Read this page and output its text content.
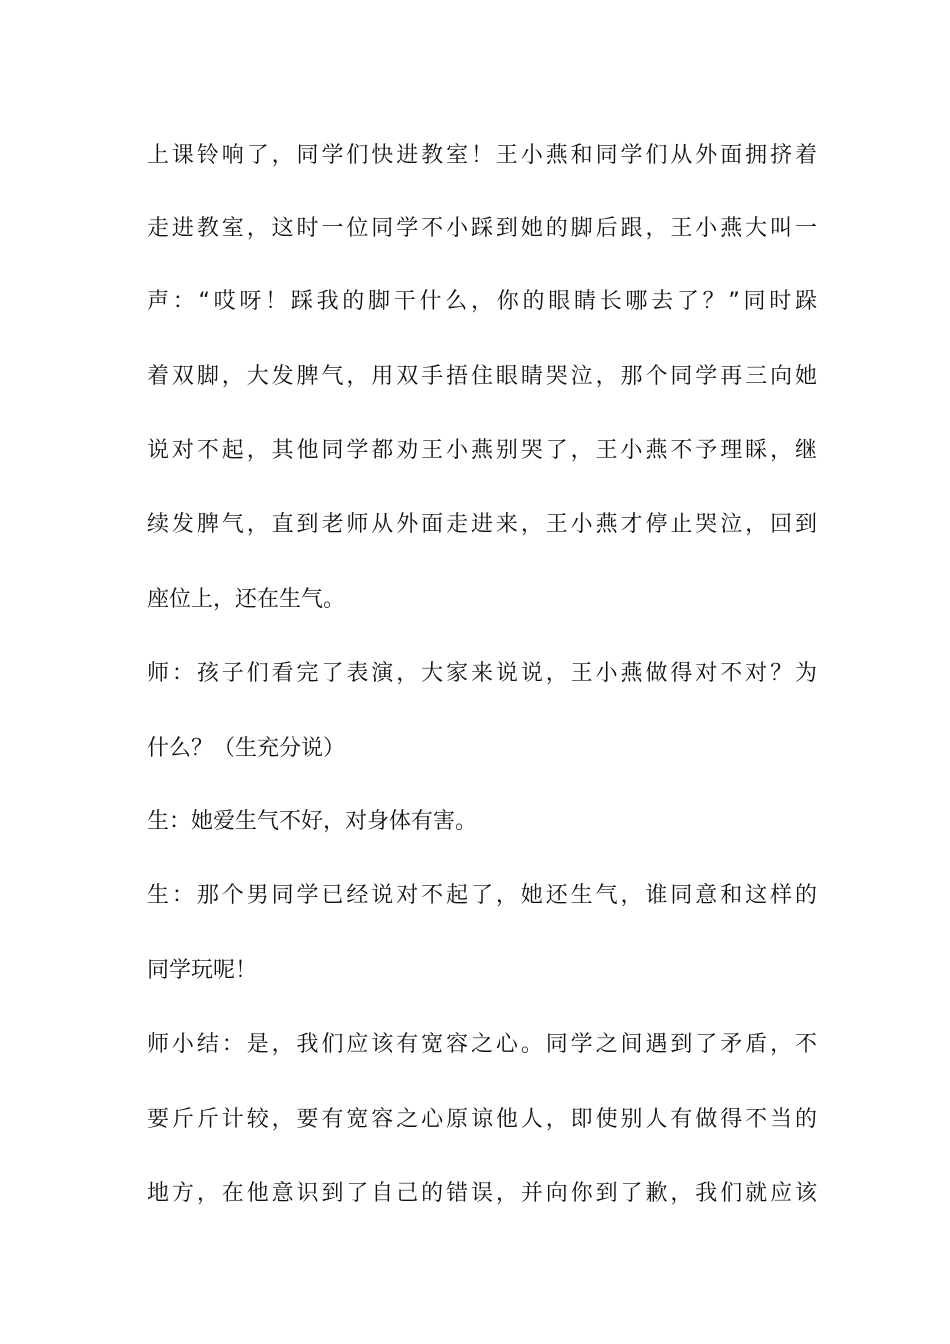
上课铃响了，同学们快进教室！王小燕和同学们从外面拥挤着
走进教室，这时一位同学不小踩到她的脚后跟，王小燕大叫一
声：“哎呀！踩我的脚干什么，你的眼睛长哪去了？”同时跺
着双脚，大发脾气，用双手捂住眼睛哭泣，那个同学再三向她
说对不起，其他同学都劝王小燕别哭了，王小燕不予理睬，继
续发脾气，直到老师从外面走进来，王小燕才停止哭泣，回到
座位上，还在生气。
师：孩子们看完了表演，大家来说说，王小燕做得对不对？为
什么？（生充分说）
生：她爱生气不好，对身体有害。
生：那个男同学已经说对不起了，她还生气，谁同意和这样的
同学玩呢！
师小结：是，我们应该有宽容之心。同学之间遇到了矛盾，不
要斤斤计较，要有宽容之心原谅他人，即使别人有做得不当的
地方，在他意识到了自己的错误，并向你到了歉，我们就应该
